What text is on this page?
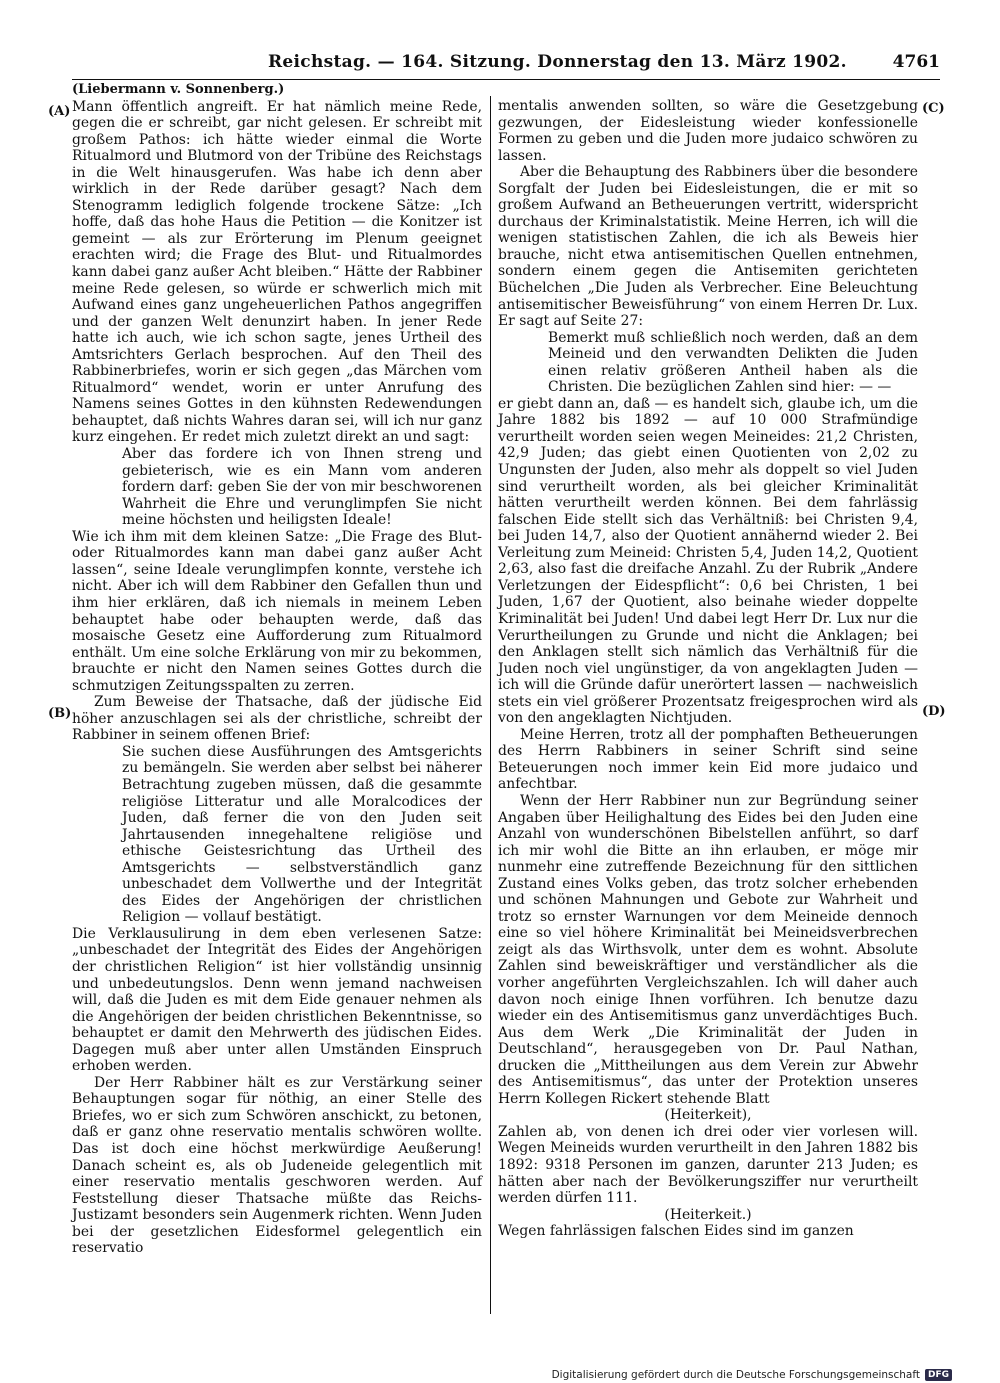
Reichstag. — 164. Sitzung. Donnerstag den 13. März 1902.	4761

(Liebermann v. Sonnenberg.)

Mann öffentlich angreift. Er hat nämlich meine Rede, gegen die er schreibt, gar nicht gelesen. Er schreibt mit großem Pathos: ich hätte wieder einmal die Worte Ritualmord und Blutmord von der Tribüne des Reichstags in die Welt hinausgerufen. Was habe ich denn aber wirklich in der Rede darüber gesagt? Nach dem Stenogramm lediglich folgende trockene Sätze: „Ich hoffe, daß das hohe Haus die Petition — die Konitzer ist gemeint — als zur Erörterung im Plenum geeignet erachten wird; die Frage des Blut- und Ritualmordes kann dabei ganz außer Acht bleiben.“ Hätte der Rabbiner meine Rede gelesen, so würde er schwerlich mich mit Aufwand eines ganz ungeheuerlichen Pathos angegriffen und der ganzen Welt denunzirt haben. In jener Rede hatte ich auch, wie ich schon sagte, jenes Urtheil des Amtsrichters Gerlach besprochen. Auf den Theil des Rabbinerbriefes, worin er sich gegen „das Märchen vom Ritualmord“ wendet, worin er unter Anrufung des Namens seines Gottes in den kühnsten Redewendungen behauptet, daß nichts Wahres daran sei, will ich nur ganz kurz eingehen. Er redet mich zuletzt direkt an und sagt:

Aber das fordere ich von Ihnen streng und gebieterisch, wie es ein Mann vom anderen fordern darf: geben Sie der von mir beschworenen Wahrheit die Ehre und verunglimpfen Sie nicht meine höchsten und heiligsten Ideale!

Wie ich ihm mit dem kleinen Satze: „Die Frage des Blut- oder Ritualmordes kann man dabei ganz außer Acht lassen“, seine Ideale verunglimpfen konnte, verstehe ich nicht. Aber ich will dem Rabbiner den Gefallen thun und ihm hier erklären, daß ich niemals in meinem Leben behauptet habe oder behaupten werde, daß das mosaische Gesetz eine Aufforderung zum Ritualmord enthält. Um eine solche Erklärung von mir zu bekommen, brauchte er nicht den Namen seines Gottes durch die schmutzigen Zeitungsspalten zu zerren.

Zum Beweise der Thatsache, daß der jüdische Eid höher anzuschlagen sei als der christliche, schreibt der Rabbiner in seinem offenen Brief:

Sie suchen diese Ausführungen des Amtsgerichts zu bemängeln. Sie werden aber selbst bei näherer Betrachtung zugeben müssen, daß die gesammte religiöse Litteratur und alle Moralcodices der Juden, daß ferner die von den Juden seit Jahrtausenden innegehaltene religiöse und ethische Geistesrichtung das Urtheil des Amtsgerichts — selbstverständlich ganz unbeschadet dem Vollwerthe und der Integrität des Eides der Angehörigen der christlichen Religion — vollauf bestätigt.

Die Verklausulirung in dem eben verlesenen Satze: „unbeschadet der Integrität des Eides der Angehörigen der christlichen Religion“ ist hier vollständig unsinnig und unbedeutungslos. Denn wenn jemand nachweisen will, daß die Juden es mit dem Eide genauer nehmen als die Angehörigen der beiden christlichen Bekenntnisse, so behauptet er damit den Mehrwerth des jüdischen Eides. Dagegen muß aber unter allen Umständen Einspruch erhoben werden.

Der Herr Rabbiner hält es zur Verstärkung seiner Behauptungen sogar für nöthig, an einer Stelle des Briefes, wo er sich zum Schwören anschickt, zu betonen, daß er ganz ohne reservatio mentalis schwören wollte. Das ist doch eine höchst merkwürdige Aeußerung! Danach scheint es, als ob Judeneide gelegentlich mit einer reservatio mentalis geschworen werden. Auf Feststellung dieser Thatsache müßte das Reichs-Justizamt besonders sein Augenmerk richten. Wenn Juden bei der gesetzlichen Eidesformel gelegentlich ein reservatio

mentalis anwenden sollten, so wäre die Gesetzgebung gezwungen, der Eidesleistung wieder konfessionelle Formen zu geben und die Juden more judaico schwören zu lassen.

Aber die Behauptung des Rabbiners über die besondere Sorgfalt der Juden bei Eidesleistungen, die er mit so großem Aufwand an Betheuerungen vertritt, widerspricht durchaus der Kriminalstatistik. Meine Herren, ich will die wenigen statistischen Zahlen, die ich als Beweis hier brauche, nicht etwa antisemitischen Quellen entnehmen, sondern einem gegen die Antisemiten gerichteten Büchelchen „Die Juden als Verbrecher. Eine Beleuchtung antisemitischer Beweisführung“ von einem Herren Dr. Lux. Er sagt auf Seite 27:

Bemerkt muß schließlich noch werden, daß an dem Meineid und den verwandten Delikten die Juden einen relativ größeren Antheil haben als die Christen. Die bezüglichen Zahlen sind hier: — —

er giebt dann an, daß — es handelt sich, glaube ich, um die Jahre 1882 bis 1892 — auf 10 000 Strafmündige verurtheilt worden seien wegen Meineides: 21,2 Christen, 42,9 Juden; das giebt einen Quotienten von 2,02 zu Ungunsten der Juden, also mehr als doppelt so viel Juden sind verurtheilt worden, als bei gleicher Kriminalität hätten verurtheilt werden können. Bei dem fahrlässig falschen Eide stellt sich das Verhältniß: bei Christen 9,4, bei Juden 14,7, also der Quotient annähernd wieder 2. Bei Verleitung zum Meineid: Christen 5,4, Juden 14,2, Quotient 2,63, also fast die dreifache Anzahl. Zu der Rubrik „Andere Verletzungen der Eidespflicht“: 0,6 bei Christen, 1 bei Juden, 1,67 der Quotient, also beinahe wieder doppelte Kriminalität bei Juden! Und dabei legt Herr Dr. Lux nur die Verurtheilungen zu Grunde und nicht die Anklagen; bei den Anklagen stellt sich nämlich das Verhältniß für die Juden noch viel ungünstiger, da von angeklagten Juden — ich will die Gründe dafür unerörtert lassen — nachweislich stets ein viel größerer Prozentsatz freigesprochen wird als von den angeklagten Nichtjuden.

Meine Herren, trotz all der pomphaften Betheuerungen des Herrn Rabbiners in seiner Schrift sind seine Beteuerungen noch immer kein Eid more judaico und anfechtbar.

Wenn der Herr Rabbiner nun zur Begründung seiner Angaben über Heilighaltung des Eides bei den Juden eine Anzahl von wunderschönen Bibelstellen anführt, so darf ich mir wohl die Bitte an ihn erlauben, er möge mir nunmehr eine zutreffende Bezeichnung für den sittlichen Zustand eines Volks geben, das trotz solcher erhebenden und schönen Mahnungen und Gebote zur Wahrheit und trotz so ernster Warnungen vor dem Meineide dennoch eine so viel höhere Kriminalität bei Meineidsverbrechen zeigt als das Wirthsvolk, unter dem es wohnt. Absolute Zahlen sind beweiskräftiger und verständlicher als die vorher angeführten Vergleichszahlen. Ich will daher auch davon noch einige Ihnen vorführen. Ich benutze dazu wieder ein des Antisemitismus ganz unverdächtiges Buch. Aus dem Werk „Die Kriminalität der Juden in Deutschland“, herausgegeben von Dr. Paul Nathan, drucken die „Mittheilungen aus dem Verein zur Abwehr des Antisemitismus“, das unter der Protektion unseres Herrn Kollegen Rickert stehende Blatt

(Heiterkeit),

Zahlen ab, von denen ich drei oder vier vorlesen will. Wegen Meineids wurden verurtheilt in den Jahren 1882 bis 1892: 9318 Personen im ganzen, darunter 213 Juden; es hätten aber nach der Bevölkerungsziffer nur verurtheilt werden dürfen 111.

(Heiterkeit.)

Wegen fahrlässigen falschen Eides sind im ganzen

(A)
(B)
(C)
(D)
Digitalisierung gefördert durch die Deutsche Forschungsgemeinschaft DFG
